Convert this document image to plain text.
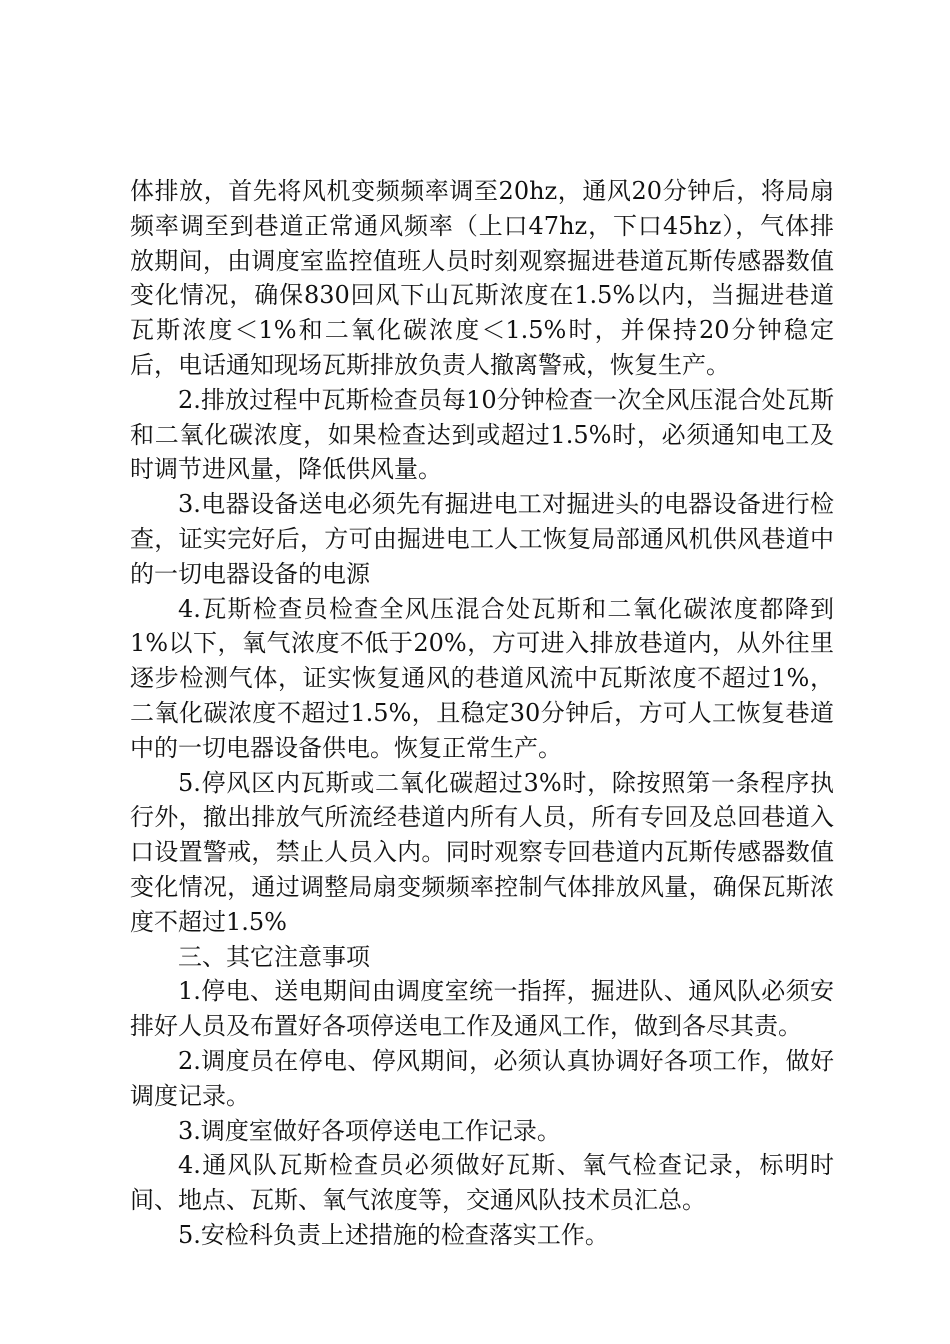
体排放，首先将风机变频频率调至20hz，通风20分钟后，将局扇频率调至到巷道正常通风频率（上口47hz，下口45hz），气体排放期间，由调度室监控值班人员时刻观察掘进巷道瓦斯传感器数值变化情况，确保830回风下山瓦斯浓度在1.5%以内，当掘进巷道瓦斯浓度＜1%和二氧化碳浓度＜1.5%时，并保持20分钟稳定后，电话通知现场瓦斯排放负责人撤离警戒，恢复生产。

2.排放过程中瓦斯检查员每10分钟检查一次全风压混合处瓦斯和二氧化碳浓度，如果检查达到或超过1.5%时，必须通知电工及时调节进风量，降低供风量。

3.电器设备送电必须先有掘进电工对掘进头的电器设备进行检查，证实完好后，方可由掘进电工人工恢复局部通风机供风巷道中的一切电器设备的电源

4.瓦斯检查员检查全风压混合处瓦斯和二氧化碳浓度都降到1%以下，氧气浓度不低于20%，方可进入排放巷道内，从外往里逐步检测气体，证实恢复通风的巷道风流中瓦斯浓度不超过1%，二氧化碳浓度不超过1.5%，且稳定30分钟后，方可人工恢复巷道中的一切电器设备供电。恢复正常生产。

5.停风区内瓦斯或二氧化碳超过3%时，除按照第一条程序执行外，撤出排放气所流经巷道内所有人员，所有专回及总回巷道入口设置警戒，禁止人员入内。同时观察专回巷道内瓦斯传感器数值变化情况，通过调整局扇变频频率控制气体排放风量，确保瓦斯浓度不超过1.5%

三、其它注意事项

1.停电、送电期间由调度室统一指挥，掘进队、通风队必须安排好人员及布置好各项停送电工作及通风工作，做到各尽其责。

2.调度员在停电、停风期间，必须认真协调好各项工作，做好调度记录。

3.调度室做好各项停送电工作记录。

4.通风队瓦斯检查员必须做好瓦斯、氧气检查记录，标明时间、地点、瓦斯、氧气浓度等，交通风队技术员汇总。

5.安检科负责上述措施的检查落实工作。
